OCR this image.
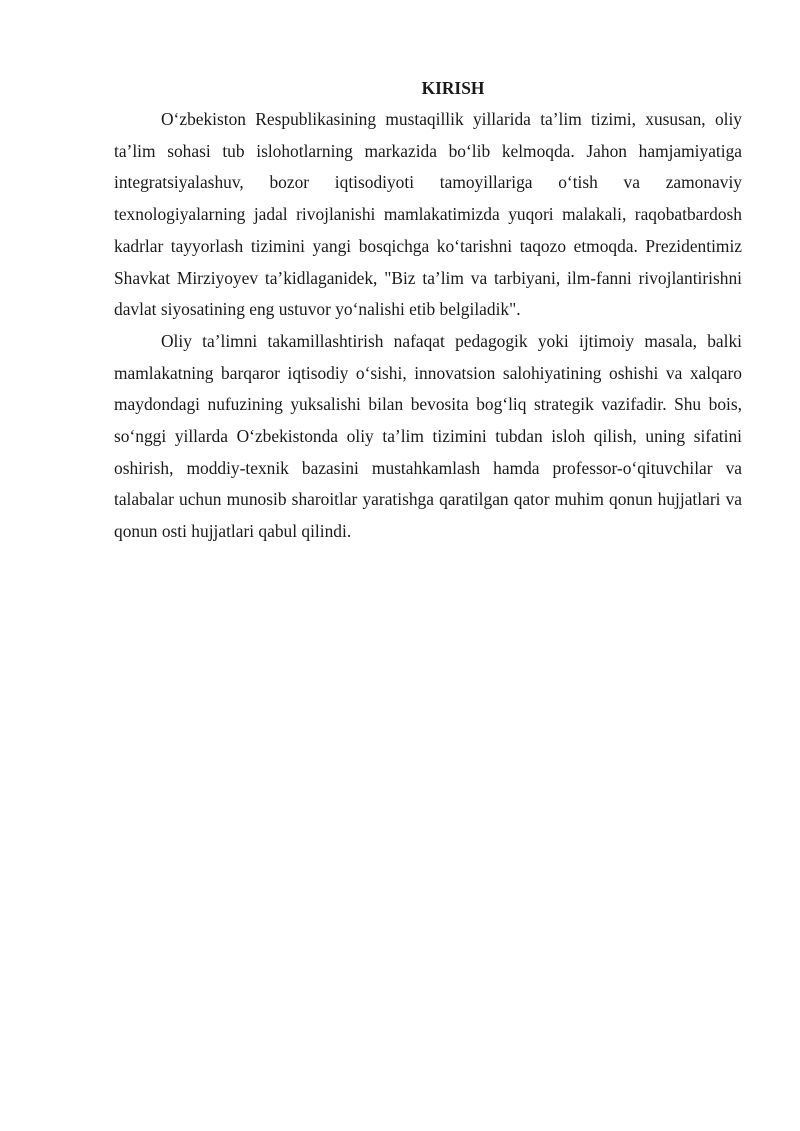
KIRISH

O‘zbekiston Respublikasining mustaqillik yillarida ta’lim tizimi, xususan, oliy ta’lim sohasi tub islohotlarning markazida bo‘lib kelmoqda. Jahon hamjamiyatiga integratsiyalashuv, bozor iqtisodiyoti tamoyillariga o‘tish va zamonaviy texnologiyalarning jadal rivojlanishi mamlakatimizda yuqori malakali, raqobatbardosh kadrlar tayyorlash tizimini yangi bosqichga ko‘tarishni taqozo etmoqda. Prezidentimiz Shavkat Mirziyoyev ta’kidlaganidek, "Biz ta’lim va tarbiyani, ilm-fanni rivojlantirishni davlat siyosatining eng ustuvor yo‘nalishi etib belgiladik".

Oliy ta’limni takamillashtirish nafaqat pedagogik yoki ijtimoiy masala, balki mamlakatning barqaror iqtisodiy o‘sishi, innovatsion salohiyatining oshishi va xalqaro maydondagi nufuzining yuksalishi bilan bevosita bog‘liq strategik vazifadir. Shu bois, so‘nggi yillarda O‘zbekistonda oliy ta’lim tizimini tubdan isloh qilish, uning sifatini oshirish, moddiy-texnik bazasini mustahkamlash hamda professor-o‘qituvchilar va talabalar uchun munosib sharoitlar yaratishga qaratilgan qator muhim qonun hujjatlari va qonun osti hujjatlari qabul qilindi.
